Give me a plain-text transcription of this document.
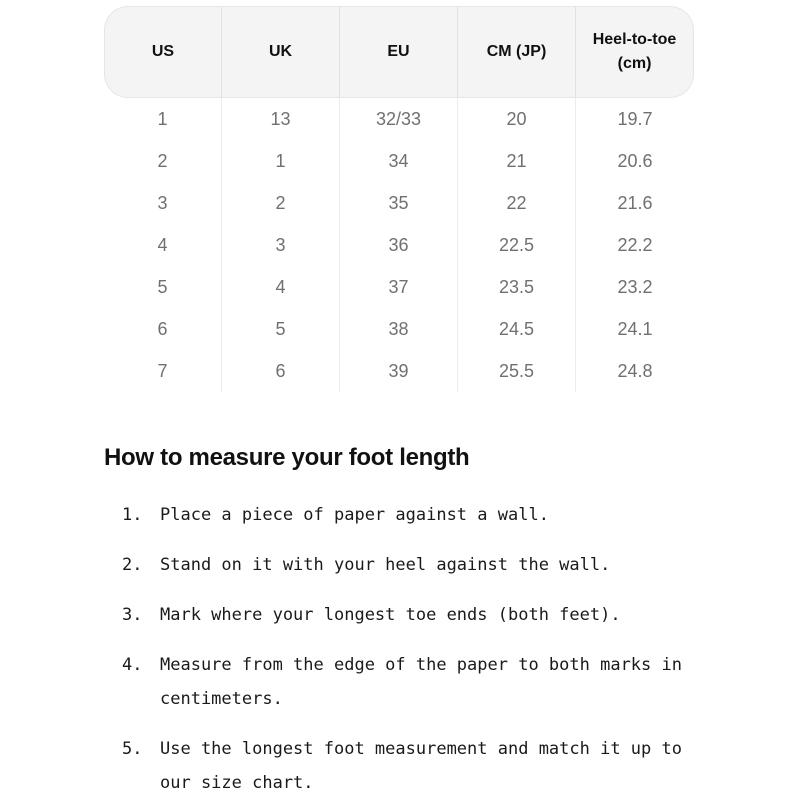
US	UK	EU	CM (JP)	Heel-to-toe (cm)
1	13	32/33	20	19.7
2	1	34	21	20.6
3	2	35	22	21.6
4	3	36	22.5	22.2
5	4	37	23.5	23.2
6	5	38	24.5	24.1
7	6	39	25.5	24.8
How to measure your foot length
1.	Place a piece of paper against a wall.
2.	Stand on it with your heel against the wall.
3.	Mark where your longest toe ends (both feet).
4.	Measure from the edge of the paper to both marks in centimeters.
5.	Use the longest foot measurement and match it up to our size chart.
